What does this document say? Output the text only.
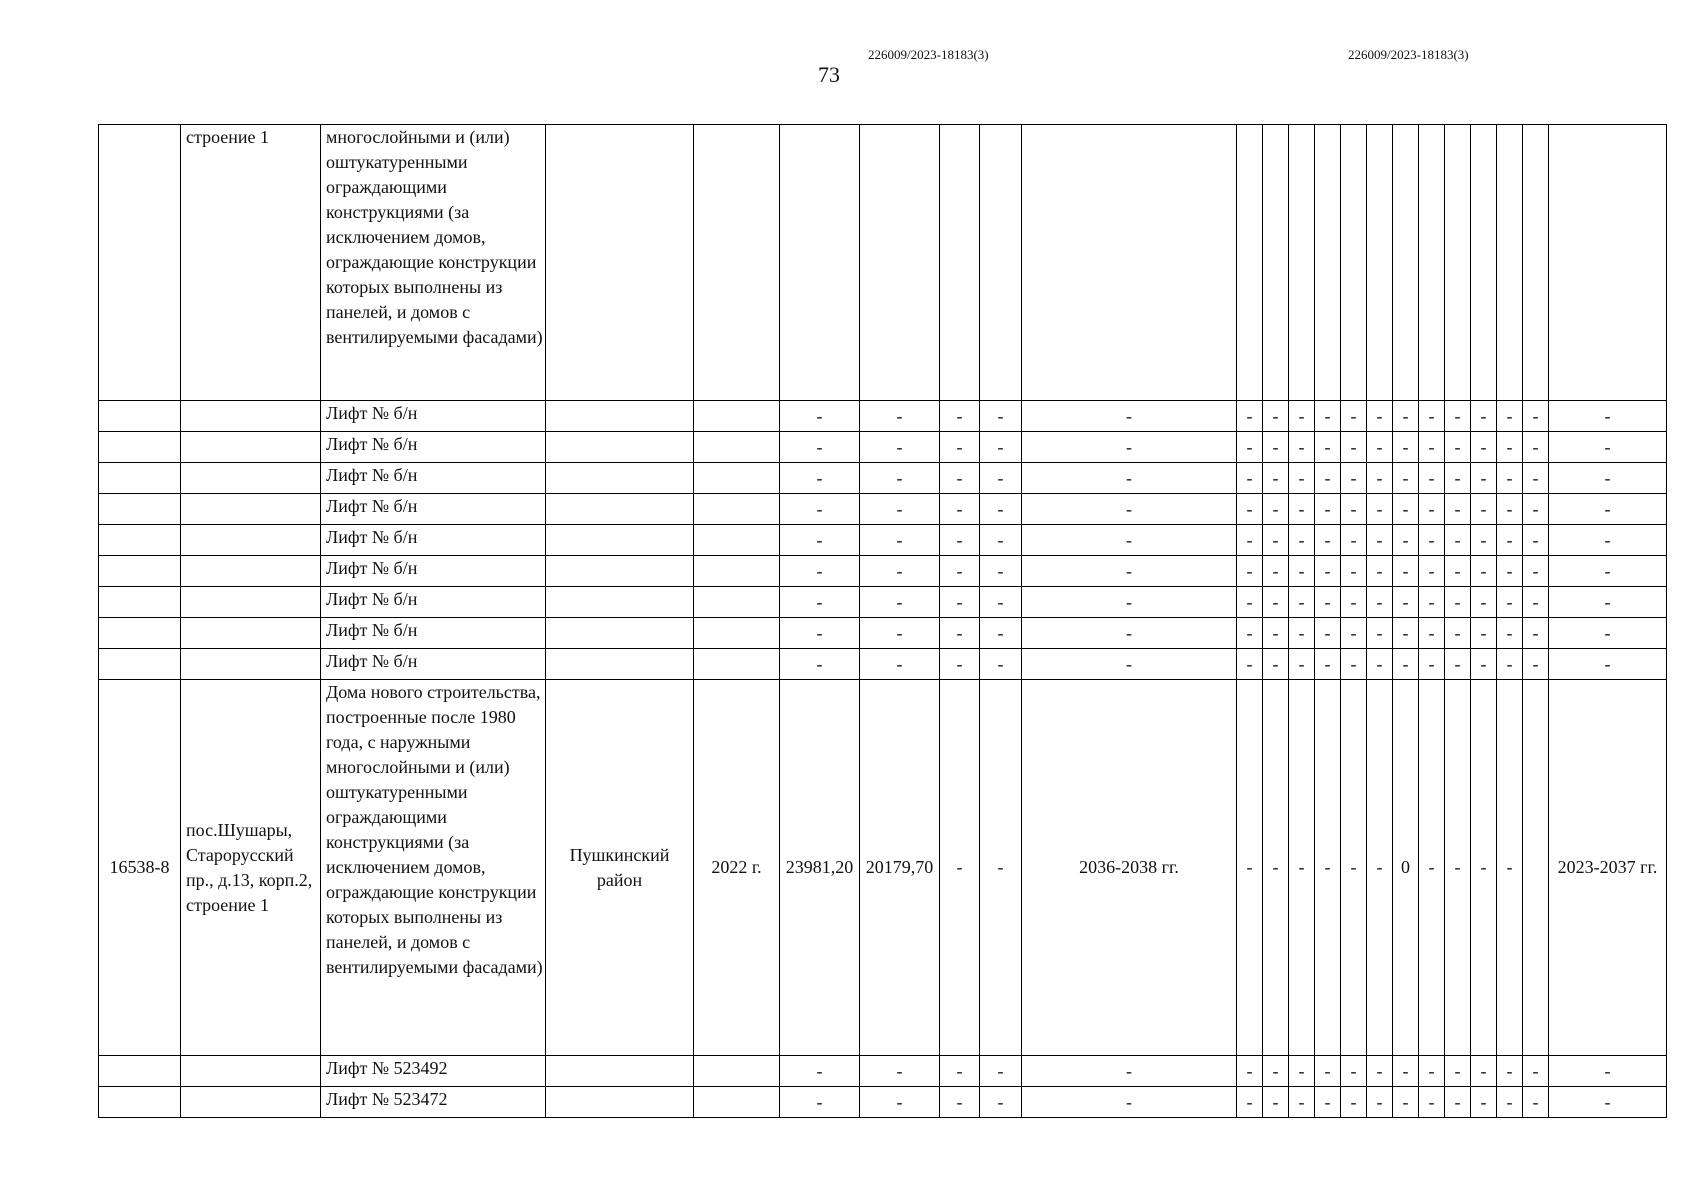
226009/2023-18183(3)	226009/2023-18183(3)
73
	строение 1	многослойными и (или) оштукатуренными ограждающими конструкциями (за исключением домов, ограждающие конструкции которых выполнены из панелей, и домов с вентилируемыми фасадами)																				
		Лифт № б/н			-	-	-	-	-	-	-	-	-	-	-	-	-	-	-	-	-	-
		Лифт № б/н			-	-	-	-	-	-	-	-	-	-	-	-	-	-	-	-	-	-
		Лифт № б/н			-	-	-	-	-	-	-	-	-	-	-	-	-	-	-	-	-	-
		Лифт № б/н			-	-	-	-	-	-	-	-	-	-	-	-	-	-	-	-	-	-
		Лифт № б/н			-	-	-	-	-	-	-	-	-	-	-	-	-	-	-	-	-	-
		Лифт № б/н			-	-	-	-	-	-	-	-	-	-	-	-	-	-	-	-	-	-
		Лифт № б/н			-	-	-	-	-	-	-	-	-	-	-	-	-	-	-	-	-	-
		Лифт № б/н			-	-	-	-	-	-	-	-	-	-	-	-	-	-	-	-	-	-
		Лифт № б/н			-	-	-	-	-	-	-	-	-	-	-	-	-	-	-	-	-	-
16538-8	пос.Шушары, Старорусский пр., д.13, корп.2, строение 1	Дома нового строительства, построенные после 1980 года, с наружными многослойными и (или) оштукатуренными ограждающими конструкциями (за исключением домов, ограждающие конструкции которых выполнены из панелей, и домов с вентилируемыми фасадами)	Пушкинский район	2022 г.	23981,20	20179,70	-	-	2036-2038 гг.	-	-	-	-	-	-	0	-	-	-	-		2023-2037 гг.
		Лифт № 523492			-	-	-	-	-	-	-	-	-	-	-	-	-	-	-	-	-	-
		Лифт № 523472			-	-	-	-	-	-	-	-	-	-	-	-	-	-	-	-	-	-
